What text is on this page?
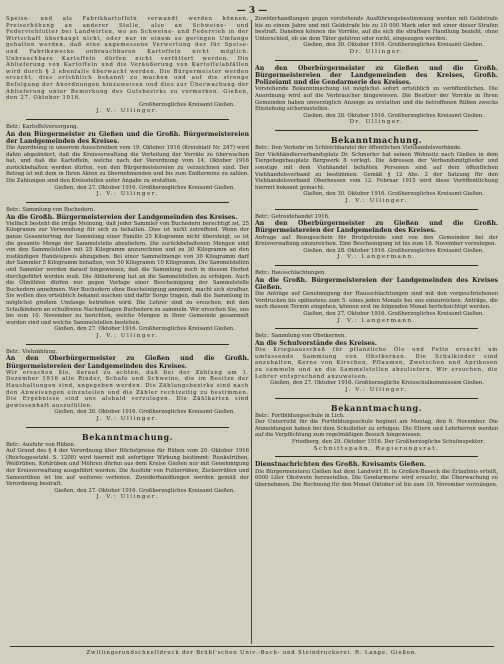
— 3 —

Speise- und als Fabrikkartoffeln verwandt werden können. Preiserhöhung an anderer Stelle, also an Schweine- und Federviehfutter bei Landwirten, wo an Schweine- und Federvieh in der Wirtschaft überhaupt nicht, oder nur in einem so geringen Umfange gehalten werden, daß eine angemessene Verwertung der für Speise- und Fabrikzwecke unbrauchbaren Kartoffeln nicht möglich. Unbrauchbare Kartoffeln dürfen nicht verfüttert werden. Die Ablieferung von Kartoffeln und die Veräußerung von Kartoffelabfällen wird durch § 3 ebenfalls überwacht werden. Die Bürgermeister werden ersucht, dies ortsüblich bekannt zu machen und auf die strenge Befolgung der Anordnungen hinzuweisen und dies zur Überwachung der Ablieferung unter Bemerkung des Gutsbezirks zu vermerken. Gießen, den 27. Oktober 1916.

Großherzogliches Kreisamt Gießen.
J. V.: Ullinger.

Betr.: Kartoffelversorgung.

An den Bürgermeister zu Gießen und die Großh. Bürgermeistereien der Landgemeinden des Kreises.

Die Anordnung in unserem Ausschreiben vom 19. Oktober 1916 (Kreisblatt Nr. 247) wird dahin abgeändert, daß die Kreisverwaltung die Verteilung der Vorräte zu überwachen hat, und daß die Kartoffeln, welche nach der Verordnung vom 14. Oktober 1916 zurückbehalten werden dürfen, von den Bürgermeistereien zu verzeichnen sind. Der Betrag ist mit dem in Ihren Akten zu übernehmenden und bis zum Endtermine zu zahlen. Die Zahlungen sind den Kreisstellen unter Angabe zu erstatten.

Gießen, den 27. Oktober 1916. Großherzogliches Kreisamt Gießen.
J. V.: Ullinger.

Betr.: Sammlung von Buchedern.

An die Großh. Bürgermeistereien der Landgemeinden des Kreises.

Vielfach besteht die irrige Meinung, daß jeder Sammler von Buchedern berechtigt ist, 25 Kilogramm zur Verwendung für sich zu behalten. Dies ist nicht zutreffend. Wenn der ganze Gesamtertrag der Sammlung einer Familie 25 Kilogramm nicht übersteigt, so ist die gesamte Menge der Sammelstelle abzuliefern. Die zurückbehaltenen Mengen sind von den Sammelstellen mit 25 Kilogramm anzurechnen und zu 30 Kilogramm an den zuständigen Handelspreis abzugeben. Bei einer Sammelmenge von 30 Kilogramm darf der Sammler 5 Kilogramm behalten, von 50 Kilogramm 10 Kilogramm. Die Sammelstellen und Sammler werden darauf hingewiesen, daß die Sammlung noch in diesem Herbst durchgeführt werden muß. Die Ablieferung hat an die Sammelstellen zu erfolgen. Auch die Ölmühlen dürfen nur gegen Vorlage einer Bescheinigung der Sammelstelle Buchedern annehmen. Wer Buchedern ohne Bescheinigung annimmt, macht sich strafbar. Sie wollen dies ortsüblich bekannt machen und dafür Sorge tragen, daß die Sammlung in möglichst großem Umfange betrieben wird. Die Lehrer sind zu ersuchen, mit den Schulkindern an schulfreien Nachmittagen Buchedern zu sammeln. Wir ersuchen Sie, uns bis zum 10. November zu berichten, welche Mengen in Ihrer Gemeinde gesammelt worden sind und welche Sammelstellen bestehen.

Gießen, den 27. Oktober 1916. Großherzogliches Kreisamt Gießen.
J. V.: Ullinger.

Betr.: Viehzählung.

An den Oberbürgermeister zu Gießen und die Großh. Bürgermeistereien der Landgemeinden des Kreises.

Wir ersuchen Sie, darauf zu achten, daß bei der Zählung am 1. Dezember 1916 alle Rinder, Schafe und Schweine, die im Besitze der Haushaltungen sind, angegeben werden. Die Zählungsbezirke sind nach den Anweisungen einzuteilen und die Zähler rechtzeitig zu bestimmen. Die Ergebnisse sind uns alsbald vorzulegen. Die Zählkarten sind gewissenhaft auszufüllen.

Gießen, den 30. Oktober 1916. Großherzogliches Kreisamt Gießen.
J. V.: Ullinger.
Bekanntmachung.

Betr.: Ausfuhr von Rüben.

Auf Grund des § 4 der Verordnung über Höchstpreise für Rüben vom 20. Oktober 1916 (Reichsgesetzbl. S. 1208) wird hiermit mit sofortiger Wirkung bestimmt: Runkelrüben, Weißrüben, Kohlrüben und Möhren dürfen aus dem Kreise Gießen nur mit Genehmigung der Kreisverwaltung ausgeführt werden. Die Ausfuhr von Futterrüben, Zuckerrüben und Samenrüben ist bis auf weiteres verboten. Zuwiderhandlungen werden gemäß der Verordnung bestraft.

Gießen, den 27. Oktober 1916. Großherzogliches Kreisamt Gießen.
J. V.: Ullinger.

Zuwiderhandlungen gegen vorstehende Ausführungsbestimmung werden mit Geldstrafe bis zu einem Jahre und mit Geldstrafe bis zu 10 000 Mark oder mit einer dieser Strafen bestraft. Daneben können die Vorräte, auf die sich die strafbare Handlung bezieht, ohne Unterschied, ob sie dem Täter gehören oder nicht, eingezogen werden.

Gießen, den 30. Oktober 1916. Großherzogliches Kreisamt Gießen.
Dr. Ullinger.

An den Oberbürgermeister zu Gießen und die Großh. Bürgermeistereien der Landgemeinden des Kreises, Großh. Polizeiamt und die Gendarmerie des Kreises.

Vorstehende Bekanntmachung ist möglichst sofort ortsüblich zu veröffentlichen. Die Anordnung wird auf die Verbraucher hingewiesen. Die Besitzer der Vorräte in Ihren Gemeinden haben unverzüglich Anzeige zu erstatten und die betroffenen Rüben zwecks Einziehung sicherzustellen.

Gießen, den 30. Oktober 1916. Großherzogliches Kreisamt Gießen.
Dr. Ullinger.
Bekanntmachung.

Betr.: Den Verkehr im Schleichhandel der öffentlichen Viehhandelsverbände.

Der Viehhändlerverbandsplatz Dr. Schmerler hat seinen Wohnsitz nach Gießen in dem Tiergehegebauplatz Bergwerk 8 verlegt. Die Adressen der Verbandsmitglieder und sonstige mit dem Viehhandel befaßten Personen sind auf dem öffentlichen Viehhandelsverband zu bestimmen. Gemäß § 12 Abs. 2 der Satzung für den Viehhandelsverband Oberhessen vom 12. Februar 1915 wird diese Veröffentlichung hiermit bekannt gemacht.

Gießen, den 30. Oktober 1916. Großherzogliches Kreisamt Gießen.
J. V.: Ullinger.

Betr.: Getreidehandel 1916.

An den Oberbürgermeister zu Gießen und die Großh. Bürgermeistereien der Landgemeinden des Kreises.

Anfrage auf Bezugsschein für Brotgetreide sind von den Gemeinden bei der Kreisverwaltung einzureichen. Eine Bescheinigung ist bis zum 18. November vorzulegen.

Gießen, den 28. Oktober 1916. Großherzogliches Kreisamt Gießen.
J. V.: Langermann.

Betr.: Hausschlachtungen.

An die Großh. Bürgermeistereien der Landgemeinden des Kreises Gießen.

Die Anträge auf Genehmigung der Hausschlachtungen sind mit den vorgeschriebenen Vordrucken bis spätestens zum 5. eines jeden Monats bei uns einzureichen. Anträge, die nach diesem Termin eingehen, können erst im folgenden Monat berücksichtigt werden.

Gießen, den 27. Oktober 1916. Großherzogliches Kreisamt Gießen.
J. V.: Langermann.

Betr.: Sammlung von Obstkernen.

An die Schulvorstände des Kreises.

Die Kriegsausschuß für pflanzliche Öle und Fette ersucht um umfassende Sammlung von Obstkernen. Die Schulkinder sind anzuhalten, Kerne von Kirschen, Pflaumen, Zwetschen und Aprikosen zu sammeln und an die Sammelstellen abzuliefern. Wir ersuchen, die Lehrer entsprechend anzuweisen.

Gießen, den 27. Oktober 1916. Großherzogliche Kreisschulkommission Gießen.
J. V.: Ullinger.
Bekanntmachung.

Betr.: Fortbildungsschule in Lich.

Der Unterricht für die Fortbildungsschule beginnt am Montag, den 6. November. Die Anmeldungen haben bei dem Schulleiter zu erfolgen. Die Eltern und Lehrherren werden auf die Verpflichtung zum regelmäßigen Besuch hingewiesen.

Friedberg, den 29. Oktober 1916. Der Großherzogliche Schulinspektor.
Schnittspahn, Regierungsrat.

Dienstnachrichten des Großh. Kreisamts Gießen.

Die Bürgermeisterei Gießen hat dem Landwirt H. in Großen-Buseck die Erlaubnis erteilt, 6000 Liter Obstwein herzustellen. Die Gendarmerie wird ersucht, die Überwachung zu übernehmen. Die Rechnung für den Monat Oktober ist bis zum 10. November vorzulegen.

Zwillingsrundschnelldruck der Brühl'schen Univ.-Buch- und Steindruckerei. R. Lange, Gießen.
